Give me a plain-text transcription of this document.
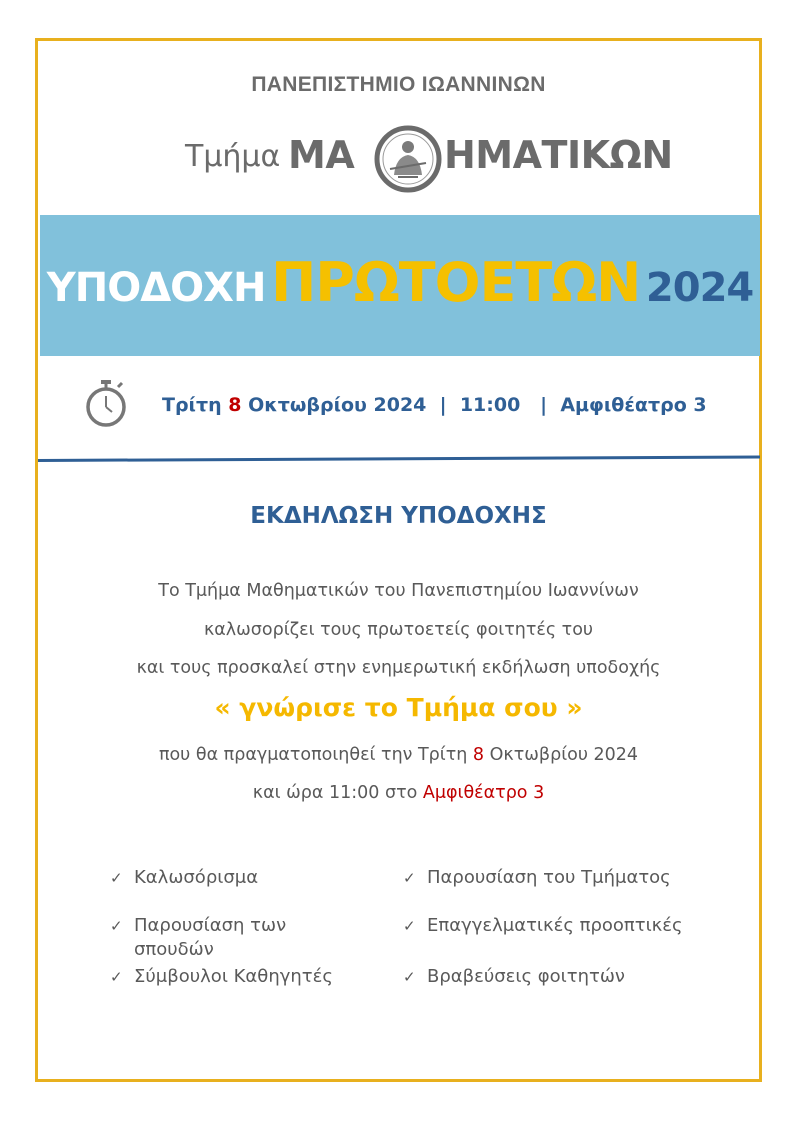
ΠΑΝΕΠΙΣΤΗΜΙΟ ΙΩΑΝΝΙΝΩΝ
Τμήμα ΜΑ ΗΜΑΤΙΚΩΝ
ΥΠΟΔΟΧΗ ΠΡΩΤΟΕΤΩΝ 2024
Τρίτη 8 Οκτωβρίου 2024 | 11:00 | Αμφιθέατρο 3
ΕΚΔΗΛΩΣΗ ΥΠΟΔΟΧΗΣ
Το Τμήμα Μαθηματικών του Πανεπιστημίου Ιωαννίνων
καλωσορίζει τους πρωτοετείς φοιτητές του
και τους προσκαλεί στην ενημερωτική εκδήλωση υποδοχής
« γνώρισε το Τμήμα σου »
που θα πραγματοποιηθεί την Τρίτη 8 Οκτωβρίου 2024
και ώρα 11:00 στο Αμφιθέατρο 3
✓ Καλωσόρισμα
✓ Παρουσίαση των σπουδών
✓ Σύμβουλοι Καθηγητές
✓ Παρουσίαση του Τμήματος
✓ Επαγγελματικές προοπτικές
✓ Βραβεύσεις φοιτητών
